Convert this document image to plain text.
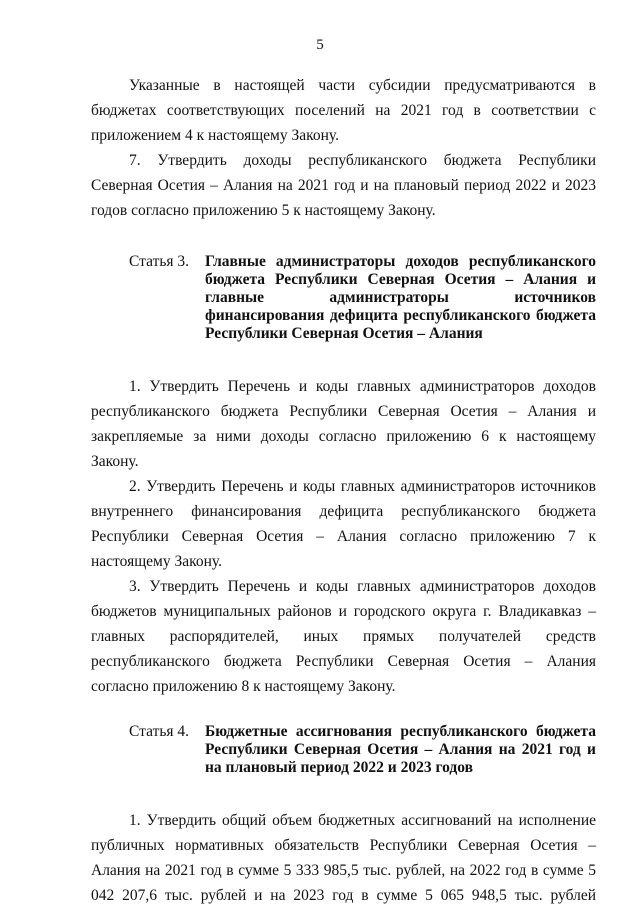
5

Указанные в настоящей части субсидии предусматриваются в бюджетах соответствующих поселений на 2021 год в соответствии с приложением 4 к настоящему Закону.

7. Утвердить доходы республиканского бюджета Республики Северная Осетия – Алания на 2021 год и на плановый период 2022 и 2023 годов согласно приложению 5 к настоящему Закону.

Статья 3.	Главные администраторы доходов республиканского бюджета Республики Северная Осетия – Алания и главные администраторы источников финансирования дефицита республиканского бюджета Республики Северная Осетия – Алания

1. Утвердить Перечень и коды главных администраторов доходов республиканского бюджета Республики Северная Осетия – Алания и закрепляемые за ними доходы согласно приложению 6 к настоящему Закону.

2. Утвердить Перечень и коды главных администраторов источников внутреннего финансирования дефицита республиканского бюджета Республики Северная Осетия – Алания согласно приложению 7 к настоящему Закону.

3. Утвердить Перечень и коды главных администраторов доходов бюджетов муниципальных районов и городского округа г. Владикавказ – главных распорядителей, иных прямых получателей средств республиканского бюджета Республики Северная Осетия – Алания согласно приложению 8 к настоящему Закону.

Статья 4.	Бюджетные ассигнования республиканского бюджета Республики Северная Осетия – Алания на 2021 год и на плановый период 2022 и 2023 годов

1. Утвердить общий объем бюджетных ассигнований на исполнение публичных нормативных обязательств Республики Северная Осетия – Алания на 2021 год в сумме 5 333 985,5 тыс. рублей, на 2022 год в сумме 5 042 207,6 тыс. рублей и на 2023 год в сумме 5 065 948,5 тыс. рублей
